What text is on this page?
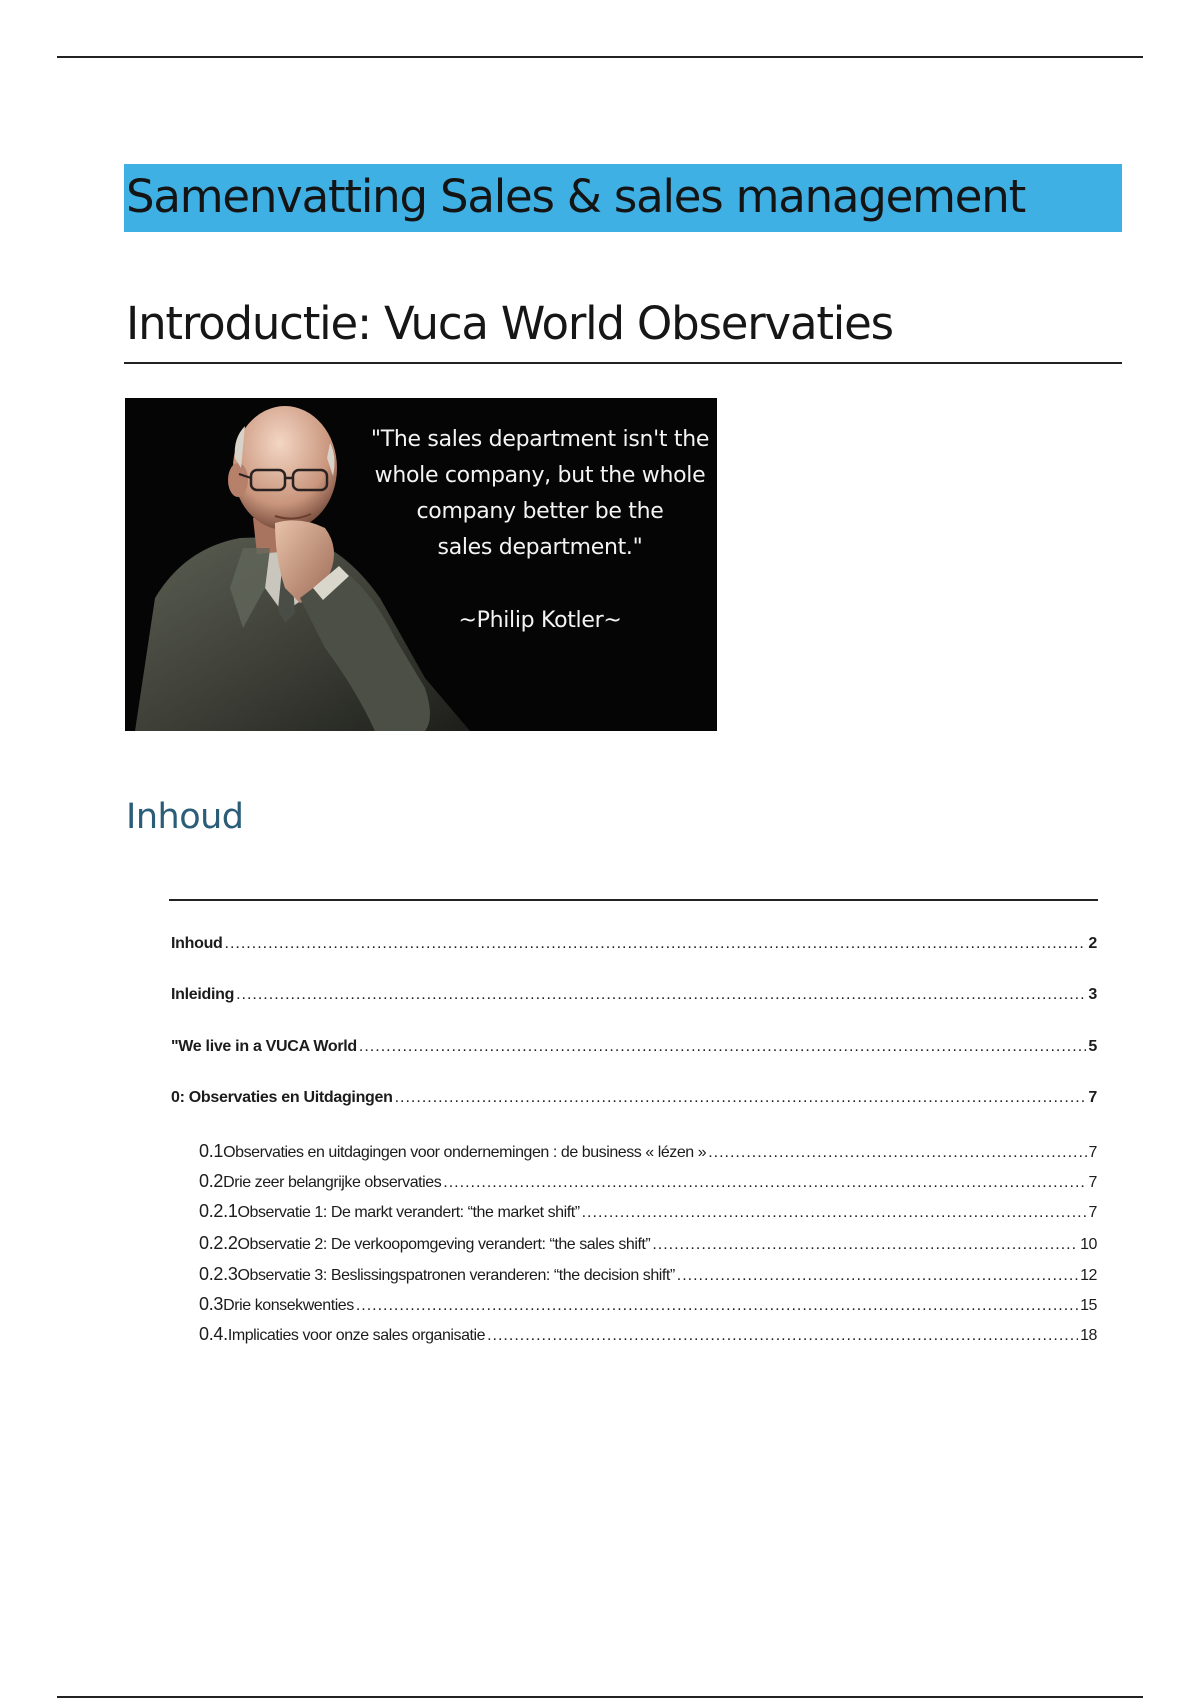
Samenvatting Sales & sales management
Introductie: Vuca World Observaties
"The sales department isn't the
whole company, but the whole
company better be the
sales department."
~Philip Kotler~
Inhoud
Inhoud .....	2
Inleiding .....	3
"We live in a VUCA World .....	5
0: Observaties en Uitdagingen .....	7
0.1 Observaties en uitdagingen voor ondernemingen : de business « lézen » .....	7
0.2 Drie zeer belangrijke observaties .....	7
0.2.1 Observatie 1: De markt verandert: “the market shift” .....	7
0.2.2 Observatie 2: De verkoopomgeving verandert: “the sales shift” .....	10
0.2.3 Observatie 3: Beslissingspatronen veranderen: “the decision shift” .....	12
0.3 Drie konsekwenties .....	15
0.4. Implicaties voor onze sales organisatie .....	18
